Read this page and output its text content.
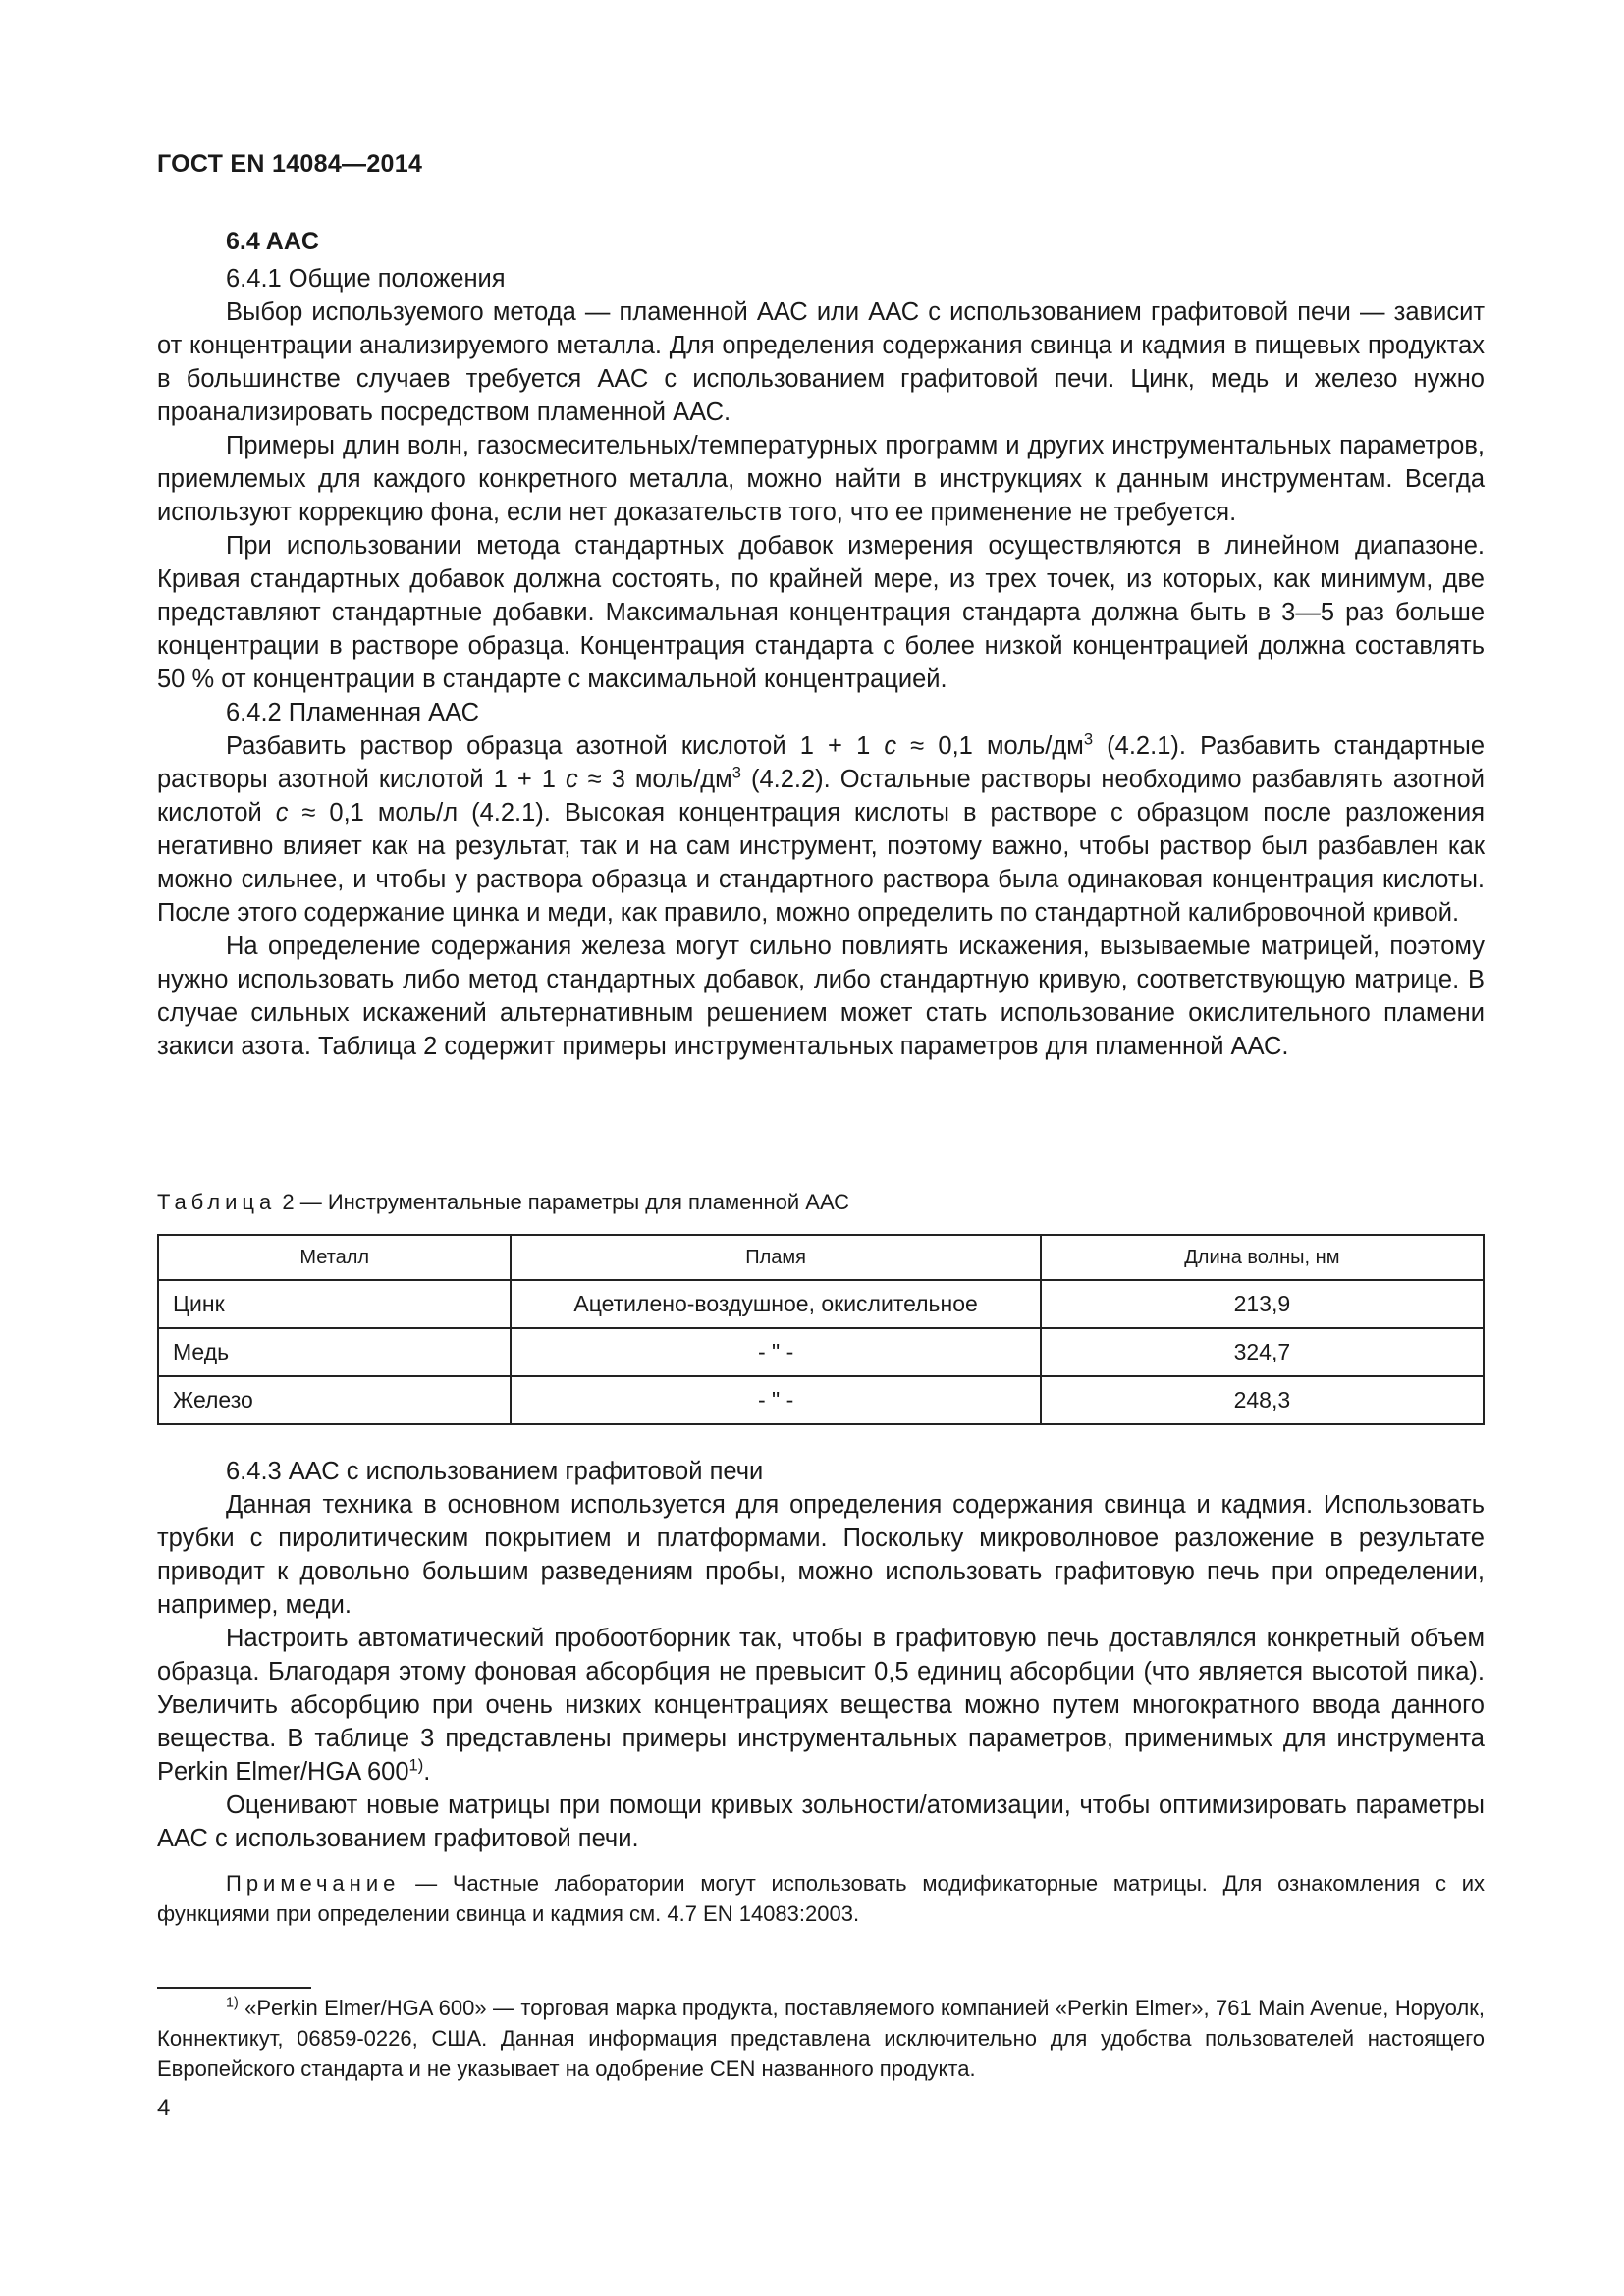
ГОСТ EN 14084—2014
6.4 AAC

6.4.1 Общие положения

Выбор используемого метода — пламенной ААС или ААС с использованием графитовой печи — зависит от концентрации анализируемого металла. Для определения содержания свинца и кадмия в пищевых продуктах в большинстве случаев требуется ААС с использованием графитовой печи. Цинк, медь и железо нужно проанализировать посредством пламенной ААС.

Примеры длин волн, газосмесительных/температурных программ и других инструментальных параметров, приемлемых для каждого конкретного металла, можно найти в инструкциях к данным инструментам. Всегда используют коррекцию фона, если нет доказательств того, что ее применение не требуется.

При использовании метода стандартных добавок измерения осуществляются в линейном диапазоне. Кривая стандартных добавок должна состоять, по крайней мере, из трех точек, из которых, как минимум, две представляют стандартные добавки. Максимальная концентрация стандарта должна быть в 3—5 раз больше концентрации в растворе образца. Концентрация стандарта с более низкой концентрацией должна составлять 50 % от концентрации в стандарте с максимальной концентрацией.

6.4.2 Пламенная ААС

Разбавить раствор образца азотной кислотой 1 + 1 с ≈ 0,1 моль/$дм^3$ (4.2.1). Разбавить стандартные растворы азотной кислотой 1 + 1 с ≈ 3 моль/$дм^3$ (4.2.2). Остальные растворы необходимо разбавлять азотной кислотой с ≈ 0,1 моль/л (4.2.1). Высокая концентрация кислоты в растворе с образцом после разложения негативно влияет как на результат, так и на сам инструмент, поэтому важно, чтобы раствор был разбавлен как можно сильнее, и чтобы у раствора образца и стандартного раствора была одинаковая концентрация кислоты. После этого содержание цинка и меди, как правило, можно определить по стандартной калибровочной кривой.

На определение содержания железа могут сильно повлиять искажения, вызываемые матрицей, поэтому нужно использовать либо метод стандартных добавок, либо стандартную кривую, соответствующую матрице. В случае сильных искажений альтернативным решением может стать использование окислительного пламени закиси азота. Таблица 2 содержит примеры инструментальных параметров для пламенной ААС.

Таблица 2 — Инструментальные параметры для пламенной ААС
Металл	Пламя	Длина волны, нм
Цинк	Ацетилено-воздушное, окислительное	213,9
Медь	- " -	324,7
Железо	- " -	248,3

6.4.3 ААС с использованием графитовой печи

Данная техника в основном используется для определения содержания свинца и кадмия. Использовать трубки с пиролитическим покрытием и платформами. Поскольку микроволновое разложение в результате приводит к довольно большим разведениям пробы, можно использовать графитовую печь при определении, например, меди.

Настроить автоматический пробоотборник так, чтобы в графитовую печь доставлялся конкретный объем образца. Благодаря этому фоновая абсорбция не превысит 0,5 единиц абсорбции (что является высотой пика). Увеличить абсорбцию при очень низких концентрациях вещества можно путем многократного ввода данного вещества. В таблице 3 представлены примеры инструментальных параметров, применимых для инструмента Perkin Elmer/HGA 600$^{1)}$.

Оценивают новые матрицы при помощи кривых зольности/атомизации, чтобы оптимизировать параметры ААС с использованием графитовой печи.

Примечание — Частные лаборатории могут использовать модификаторные матрицы. Для ознакомления с их функциями при определении свинца и кадмия см. 4.7 EN 14083:2003.

$^{1)}$ «Perkin Elmer/HGA 600» — торговая марка продукта, поставляемого компанией «Perkin Elmer», 761 Main Avenue, Норуолк, Коннектикут, 06859-0226, США. Данная информация представлена исключительно для удобства пользователей настоящего Европейского стандарта и не указывает на одобрение CEN названного продукта.

4
